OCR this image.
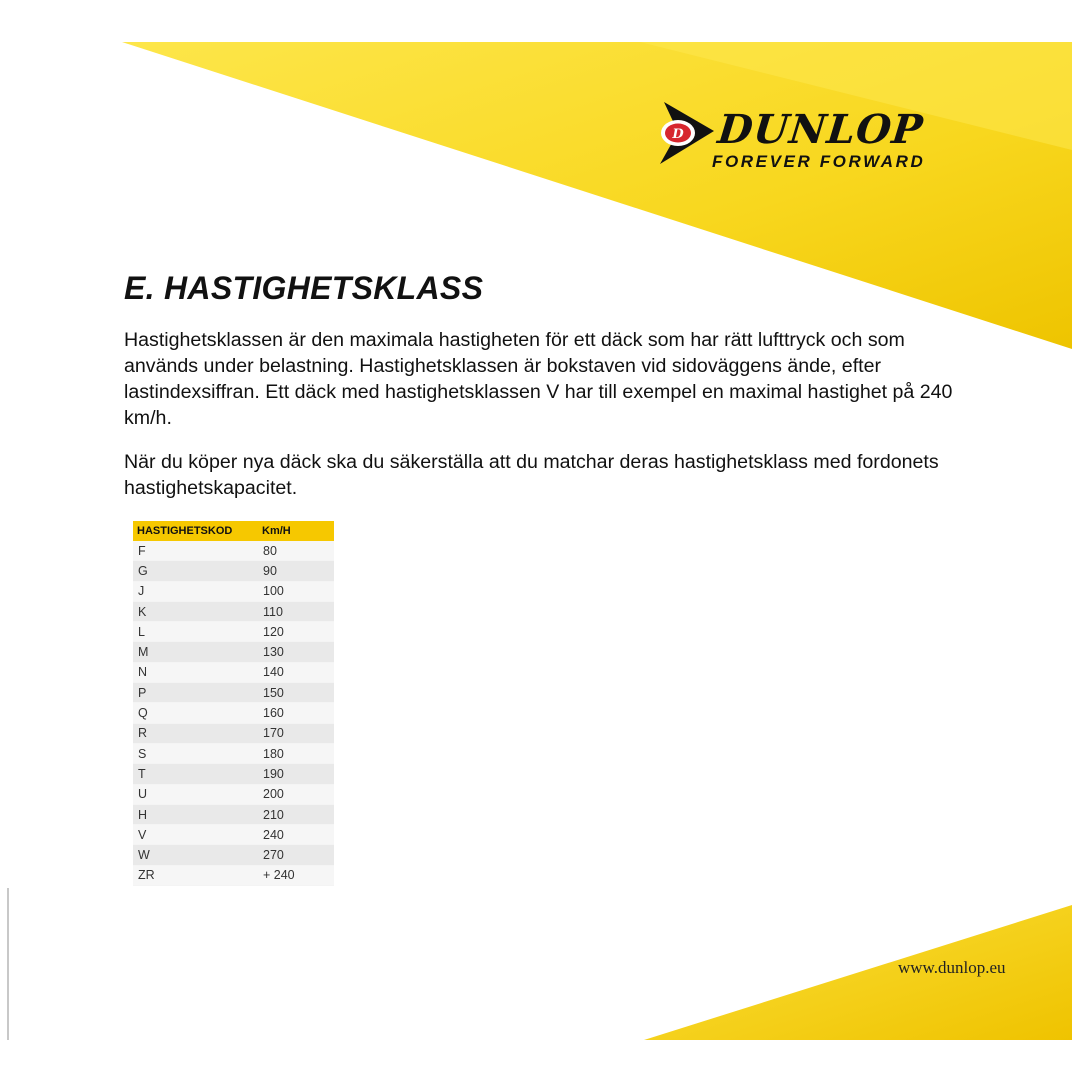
D DUNLOP
FOREVER FORWARD
E. HASTIGHETSKLASS

Hastighetsklassen är den maximala hastigheten för ett däck som har rätt lufttryck och som används under belastning. Hastighetsklassen är bokstaven vid sidoväggens ände, efter lastindexsiffran. Ett däck med hastighetsklassen V har till exempel en maximal hastighet på 240 km/h.

När du köper nya däck ska du säkerställa att du matchar deras hastighetsklass med fordonets hastighetskapacitet.

HASTIGHETSKOD	Km/H
F	80
G	90
J	100
K	110
L	120
M	130
N	140
P	150
Q	160
R	170
S	180
T	190
U	200
H	210
V	240
W	270
ZR	+ 240
www.dunlop.eu
